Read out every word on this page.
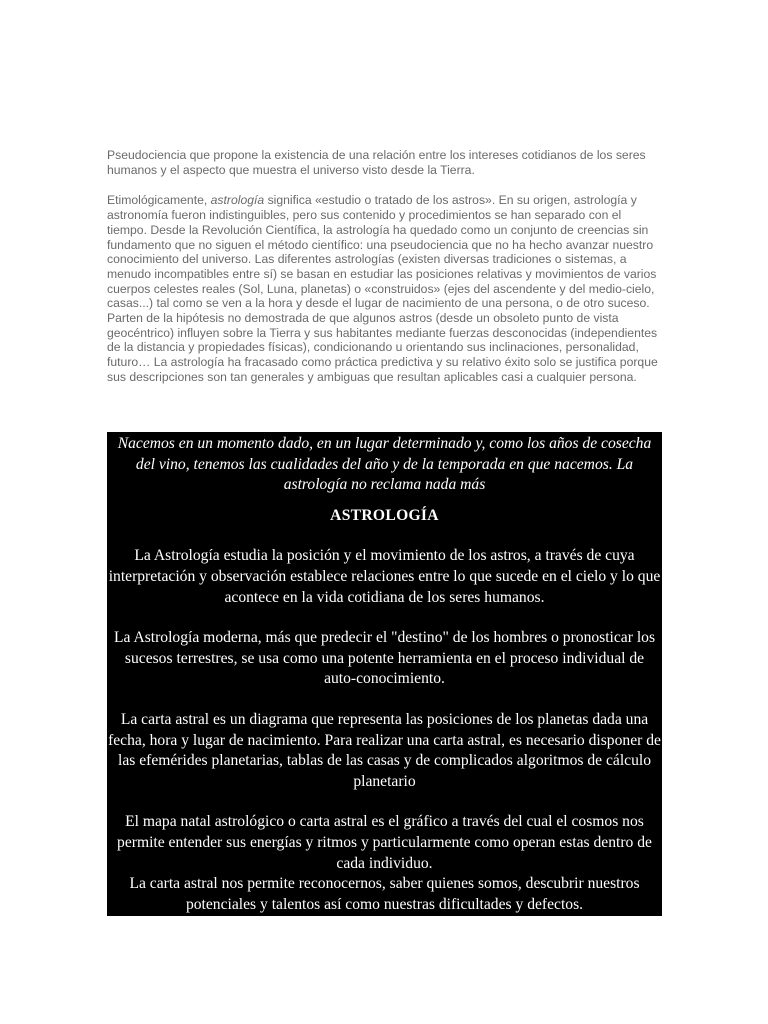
Pseudociencia que propone la existencia de una relación entre los intereses cotidianos de los seres humanos y el aspecto que muestra el universo visto desde la Tierra.

Etimológicamente, astrología significa «estudio o tratado de los astros». En su origen, astrología y astronomía fueron indistinguibles, pero sus contenido y procedimientos se han separado con el tiempo. Desde la Revolución Científica, la astrología ha quedado como un conjunto de creencias sin fundamento que no siguen el método científico: una pseudociencia que no ha hecho avanzar nuestro conocimiento del universo. Las diferentes astrologías (existen diversas tradiciones o sistemas, a menudo incompatibles entre sí) se basan en estudiar las posiciones relativas y movimientos de varios cuerpos celestes reales (Sol, Luna, planetas) o «construidos» (ejes del ascendente y del medio-cielo, casas...) tal como se ven a la hora y desde el lugar de nacimiento de una persona, o de otro suceso. Parten de la hipótesis no demostrada de que algunos astros (desde un obsoleto punto de vista geocéntrico) influyen sobre la Tierra y sus habitantes mediante fuerzas desconocidas (independientes de la distancia y propiedades físicas), condicionando u orientando sus inclinaciones, personalidad, futuro… La astrología ha fracasado como práctica predictiva y su relativo éxito solo se justifica porque sus descripciones son tan generales y ambiguas que resultan aplicables casi a cualquier persona.

Nacemos en un momento dado, en un lugar determinado y, como los años de cosecha del vino, tenemos las cualidades del año y de la temporada en que nacemos. La astrología no reclama nada más

ASTROLOGÍA

La Astrología estudia la posición y el movimiento de los astros, a través de cuya interpretación y observación establece relaciones entre lo que sucede en el cielo y lo que acontece en la vida cotidiana de los seres humanos.

La Astrología moderna, más que predecir el "destino" de los hombres o pronosticar los sucesos terrestres, se usa como una potente herramienta en el proceso individual de auto-conocimiento.

La carta astral es un diagrama que representa las posiciones de los planetas dada una fecha, hora y lugar de nacimiento. Para realizar una carta astral, es necesario disponer de las efemérides planetarias, tablas de las casas y de complicados algoritmos de cálculo planetario

El mapa natal astrológico o carta astral es el gráfico a través del cual el cosmos nos permite entender sus energías y ritmos y particularmente como operan estas dentro de cada individuo.

La carta astral nos permite reconocernos, saber quienes somos, descubrir nuestros potenciales y talentos así como nuestras dificultades y defectos.
